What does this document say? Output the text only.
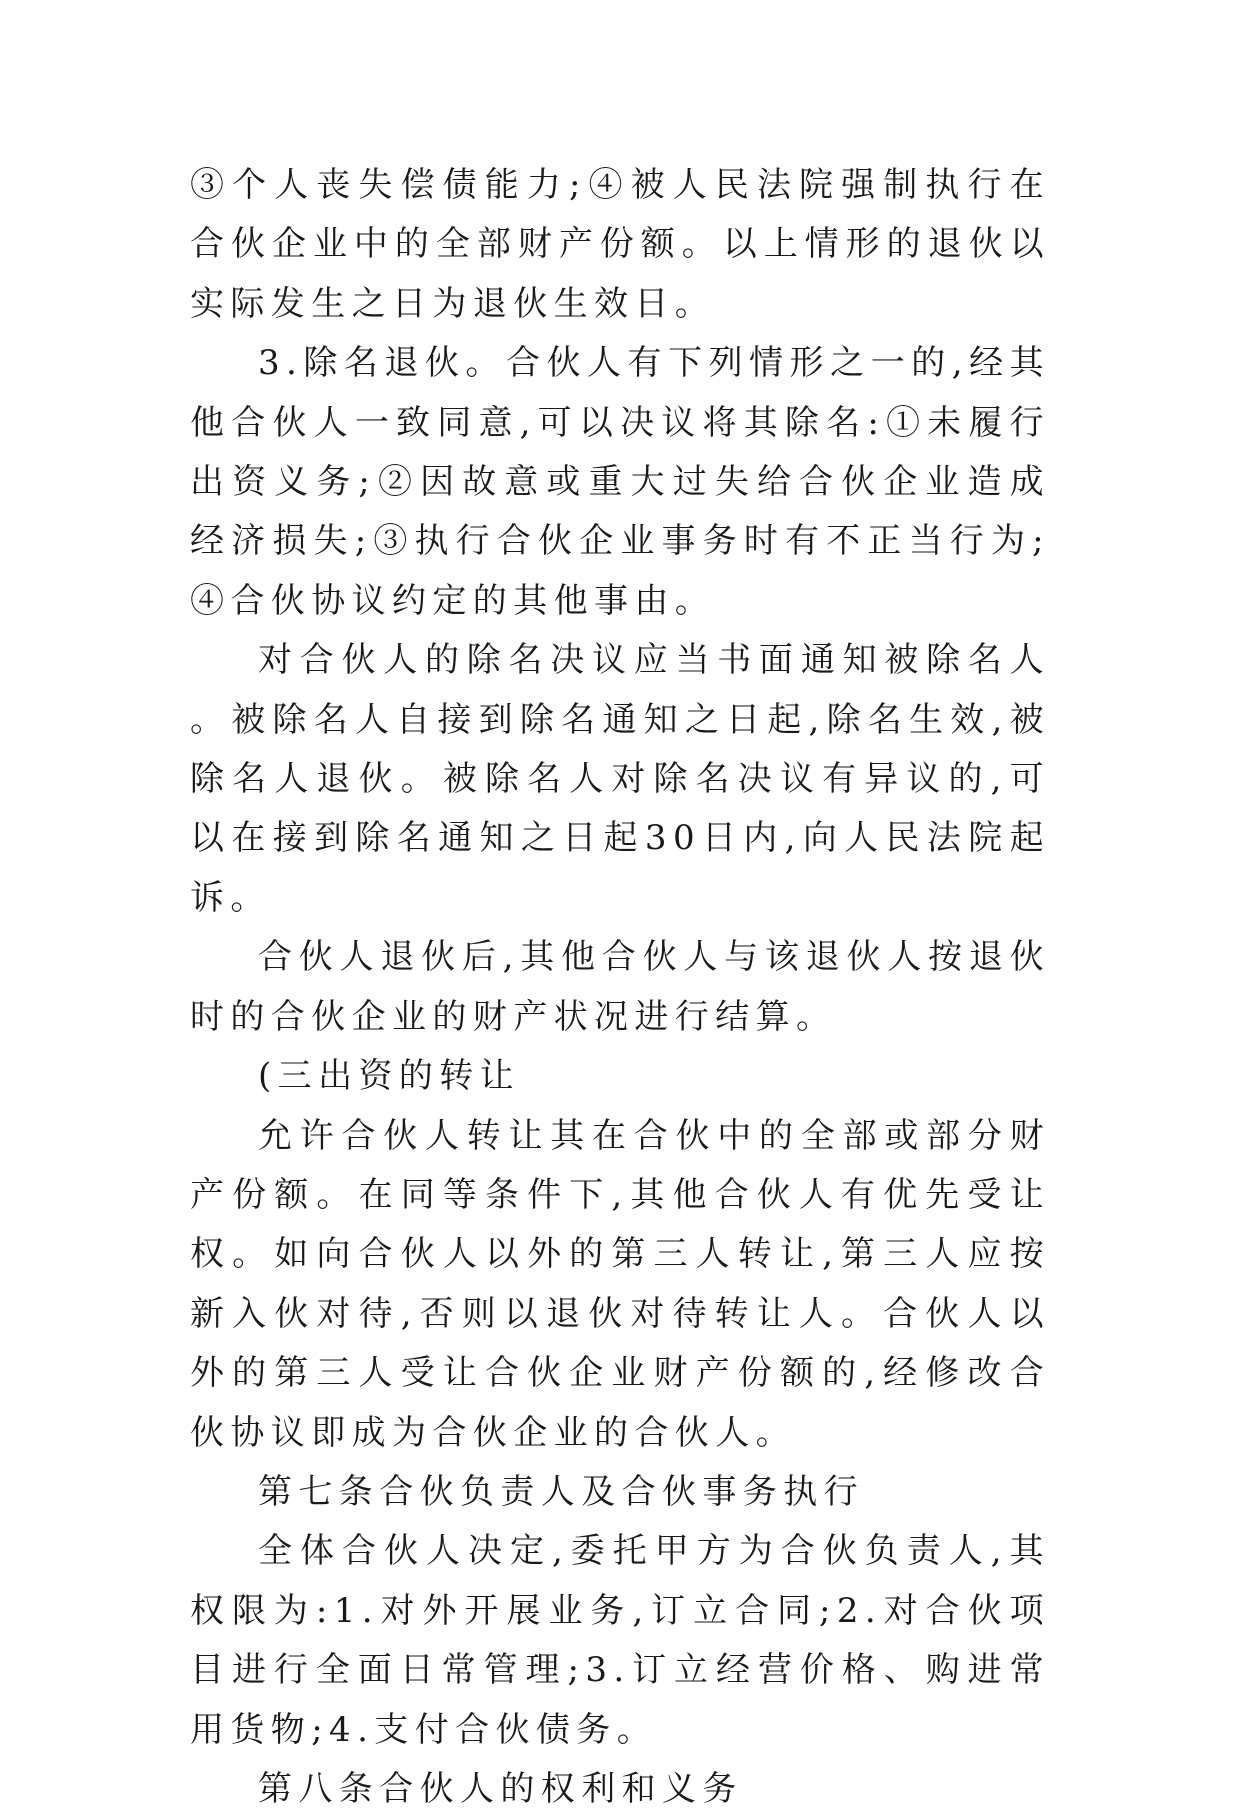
③个人丧失偿债能力;④被人民法院强制执行在合伙企业中的全部财产份额。以上情形的退伙以实际发生之日为退伙生效日。

3.除名退伙。合伙人有下列情形之一的,经其他合伙人一致同意,可以决议将其除名:①未履行出资义务;②因故意或重大过失给合伙企业造成经济损失;③执行合伙企业事务时有不正当行为;④合伙协议约定的其他事由。

对合伙人的除名决议应当书面通知被除名人。被除名人自接到除名通知之日起,除名生效,被除名人退伙。被除名人对除名决议有异议的,可以在接到除名通知之日起30日内,向人民法院起诉。

合伙人退伙后,其他合伙人与该退伙人按退伙时的合伙企业的财产状况进行结算。

(三出资的转让

允许合伙人转让其在合伙中的全部或部分财产份额。在同等条件下,其他合伙人有优先受让权。如向合伙人以外的第三人转让,第三人应按新入伙对待,否则以退伙对待转让人。合伙人以外的第三人受让合伙企业财产份额的,经修改合伙协议即成为合伙企业的合伙人。

第七条合伙负责人及合伙事务执行

全体合伙人决定,委托甲方为合伙负责人,其权限为:1.对外开展业务,订立合同;2.对合伙项目进行全面日常管理;3.订立经营价格、购进常用货物;4.支付合伙债务。

第八条合伙人的权利和义务
